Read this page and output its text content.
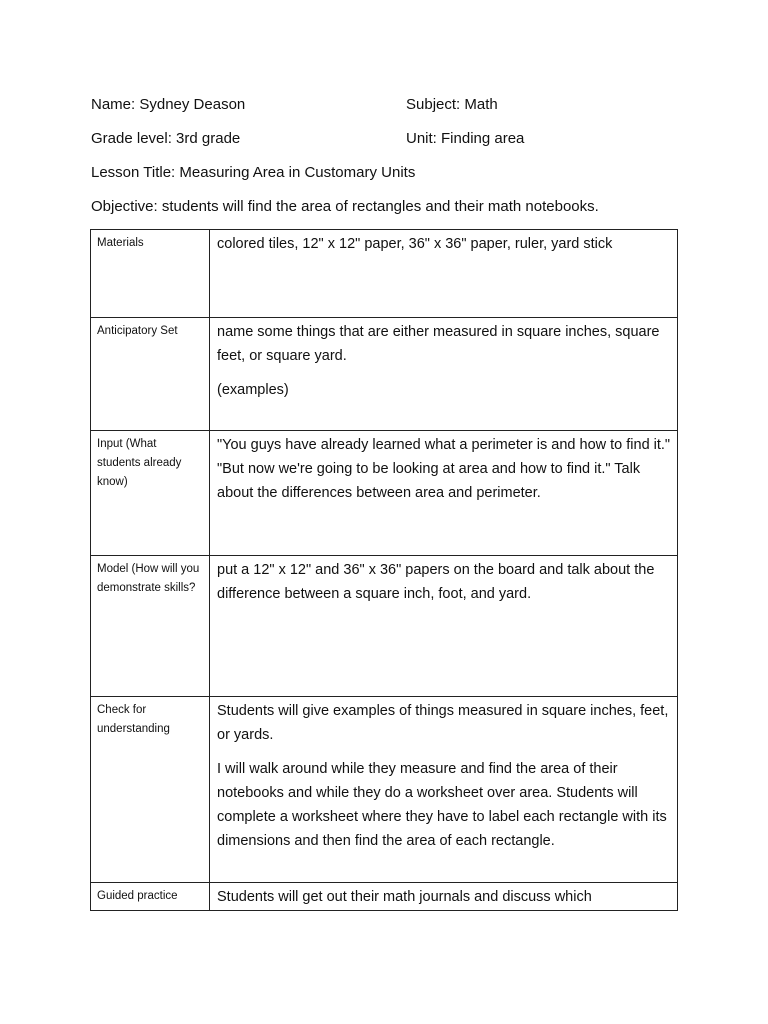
Name: Sydney Deason	Subject: Math
Grade level: 3rd grade	Unit: Finding area
Lesson Title: Measuring Area in Customary Units
Objective: students will find the area of rectangles and their math notebooks.
Materials	colored tiles, 12" x 12" paper, 36" x 36" paper, ruler, yard stick

Anticipatory Set	name some things that are either measured in square inches, square feet, or square yard.

(examples)

Input (What students already know)	"You guys have already learned what a perimeter is and how to find it." "But now we're going to be looking at area and how to find it." Talk about the differences between area and perimeter.

Model (How will you demonstrate skills?	put a 12" x 12" and 36" x 36" papers on the board and talk about the difference between a square inch, foot, and yard.

Check for understanding	Students will give examples of things measured in square inches, feet, or yards.

I will walk around while they measure and find the area of their notebooks and while they do a worksheet over area. Students will complete a worksheet where they have to label each rectangle with its dimensions and then find the area of each rectangle.

Guided practice	Students will get out their math journals and discuss which
